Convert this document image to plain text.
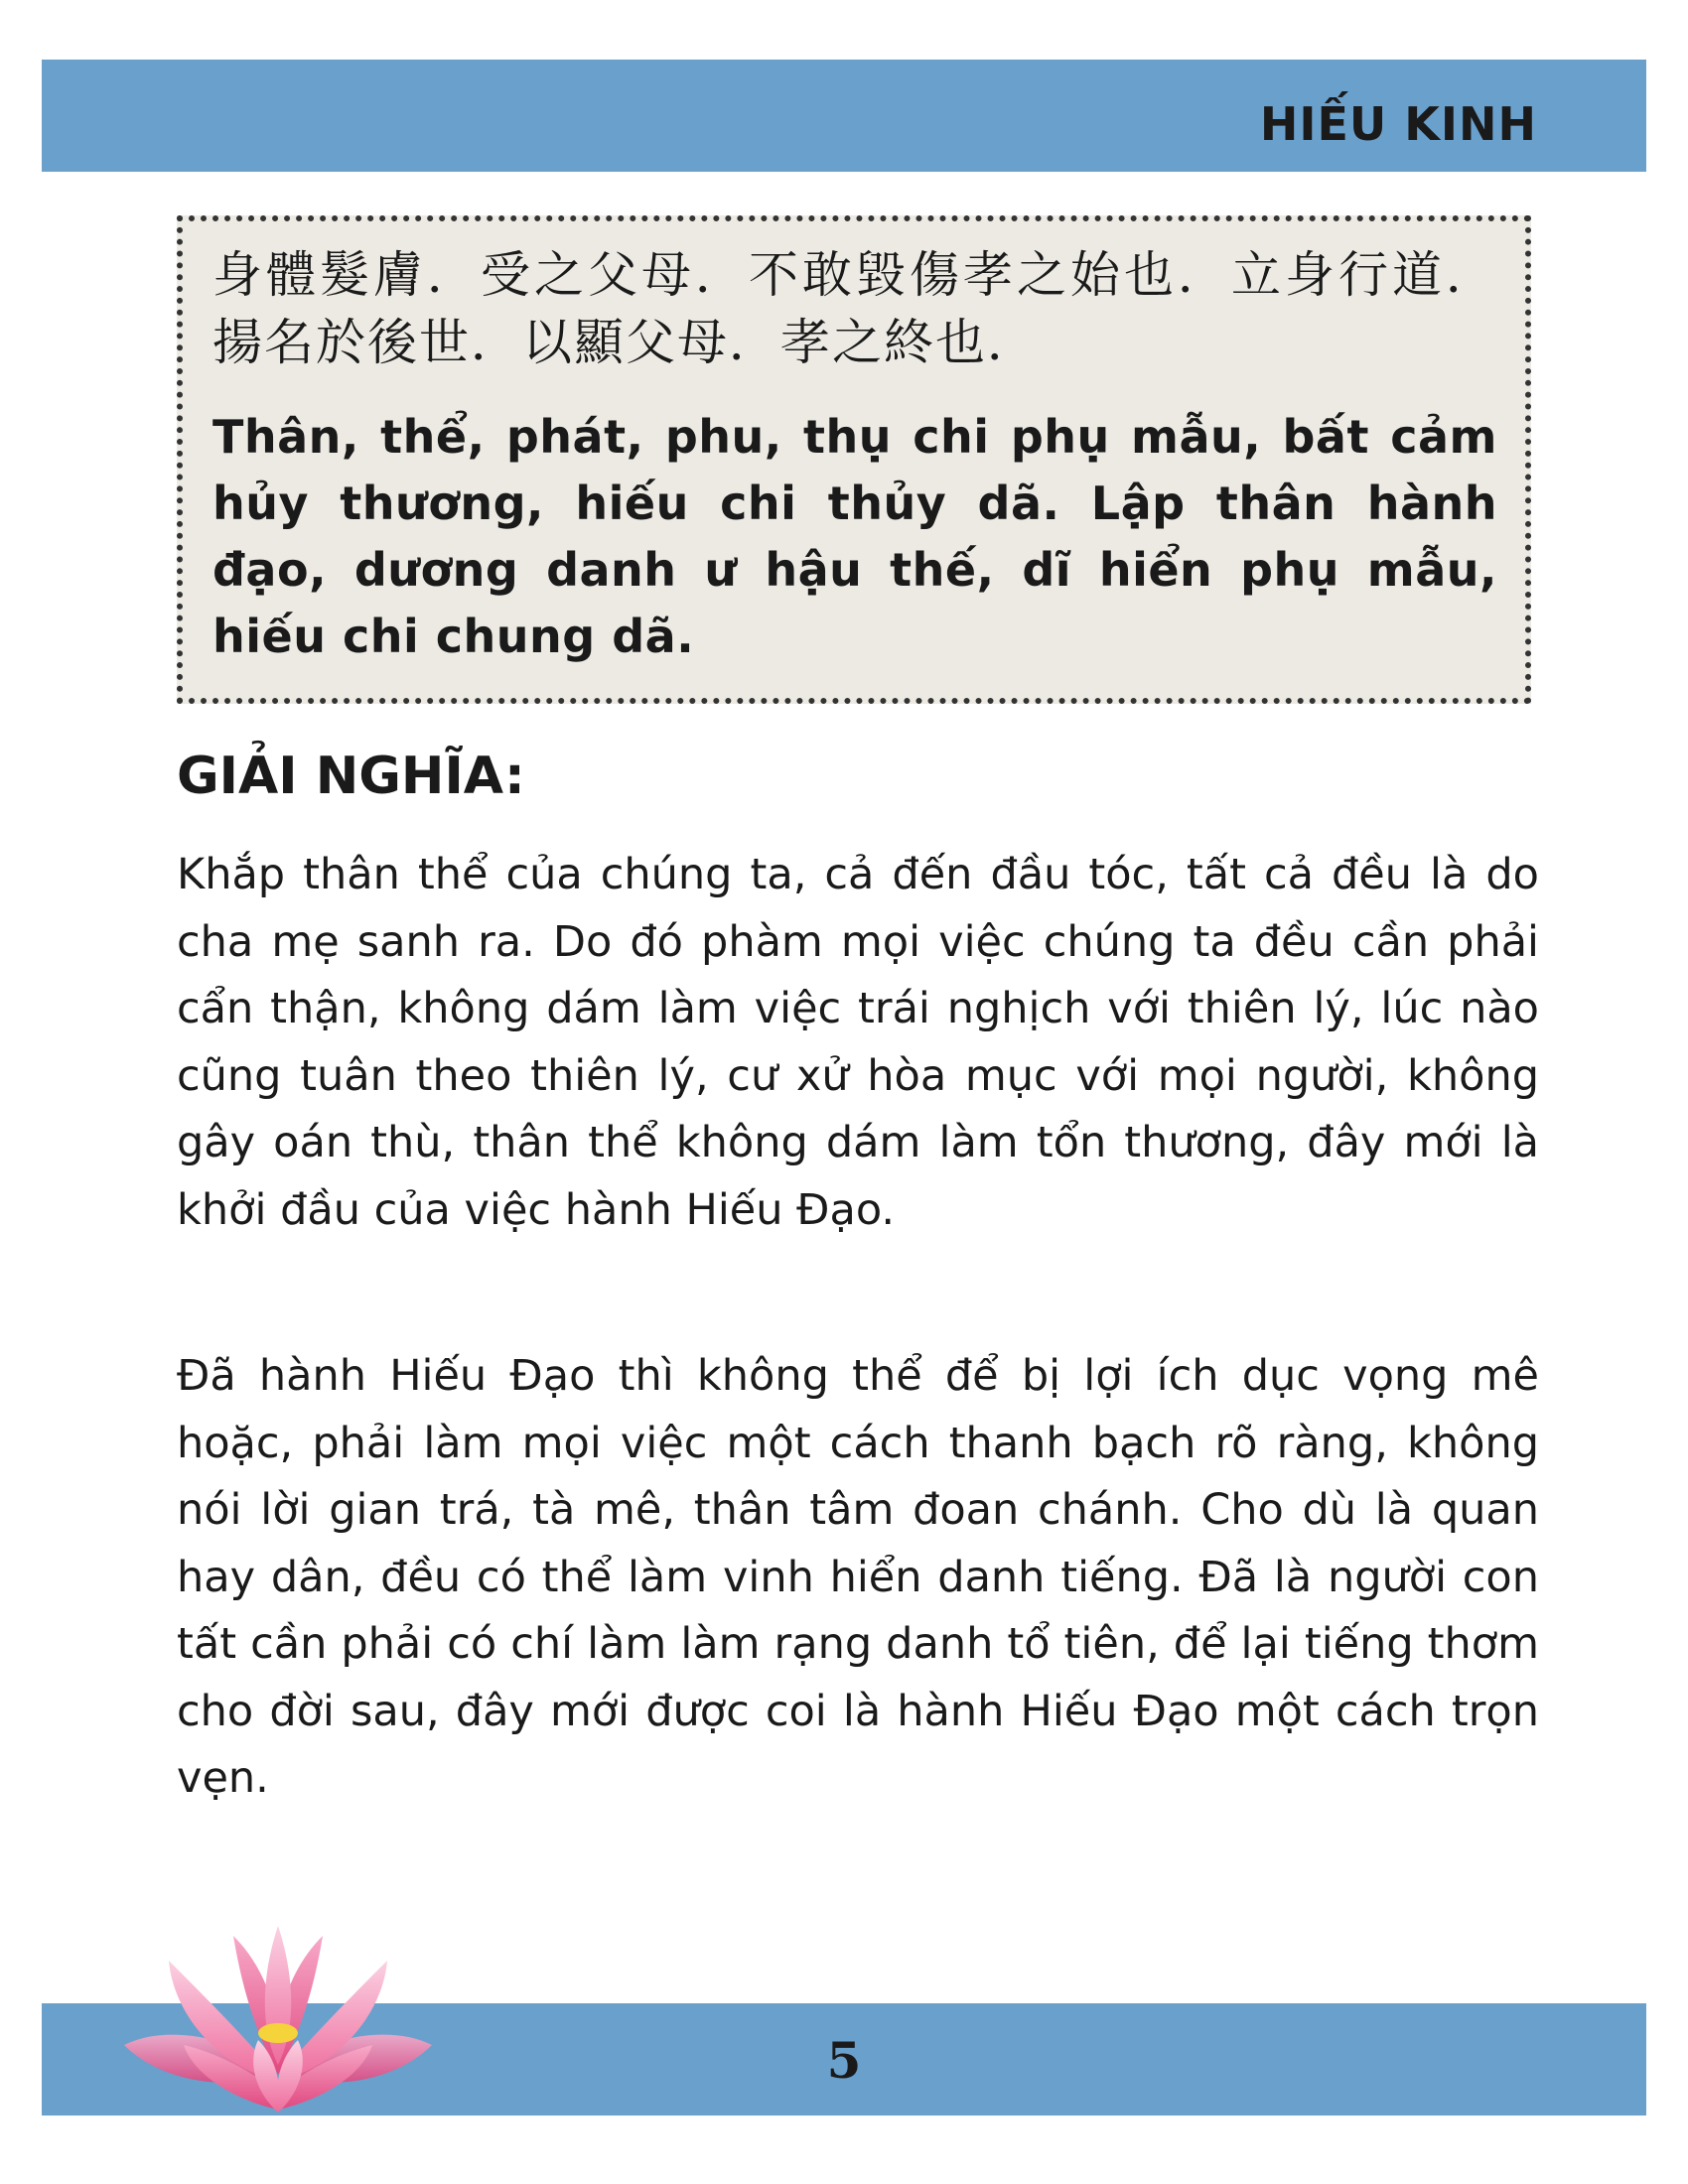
HIẾU KINH

身體髮膚．受之父母．不敢毀傷孝之始也．立身行道．揚名於後世．以顯父母．孝之終也．

Thân, thể, phát, phu, thụ chi phụ mẫu, bất cảm hủy thương, hiếu chi thủy dã. Lập thân hành đạo, dương danh ư hậu thế, dĩ hiển phụ mẫu, hiếu chi chung dã.

GIẢI NGHĨA:

Khắp thân thể của chúng ta, cả đến đầu tóc, tất cả đều là do cha mẹ sanh ra. Do đó phàm mọi việc chúng ta đều cần phải cẩn thận, không dám làm việc trái nghịch với thiên lý, lúc nào cũng tuân theo thiên lý, cư xử hòa mục với mọi người, không gây oán thù, thân thể không dám làm tổn thương, đây mới là khởi đầu của việc hành Hiếu Đạo.

Đã hành Hiếu Đạo thì không thể để bị lợi ích dục vọng mê hoặc, phải làm mọi việc một cách thanh bạch rõ ràng, không nói lời gian trá, tà mê, thân tâm đoan chánh. Cho dù là quan hay dân, đều có thể làm vinh hiển danh tiếng. Đã là người con tất cần phải có chí làm làm rạng danh tổ tiên, để lại tiếng thơm cho đời sau, đây mới được coi là hành Hiếu Đạo một cách trọn vẹn.

5
